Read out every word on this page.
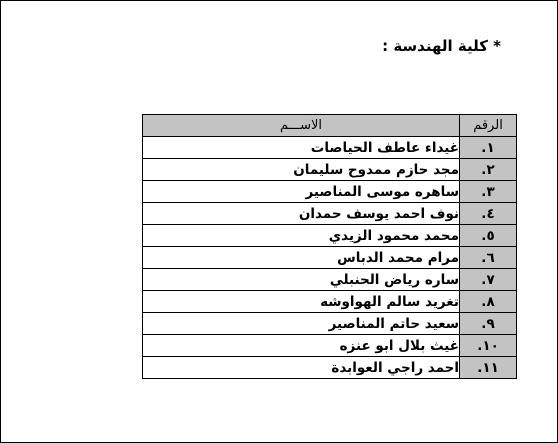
* كلية الهندسة :
الرقم	الاســـم
١.	غيداء عاطف الحياصات
٢.	مجد حازم ممدوح سليمان
٣.	ساهره موسى المناصير
٤.	نوف احمد يوسف حمدان
٥.	محمد محمود الزيدي
٦.	مرام محمد الدباس
٧.	ساره رياض الحنبلي
٨.	تغريد سالم الهواوشه
٩.	سعيد حاتم المناصير
١٠.	غيث بلال ابو عنزه
١١.	احمد راجي العوابدة
